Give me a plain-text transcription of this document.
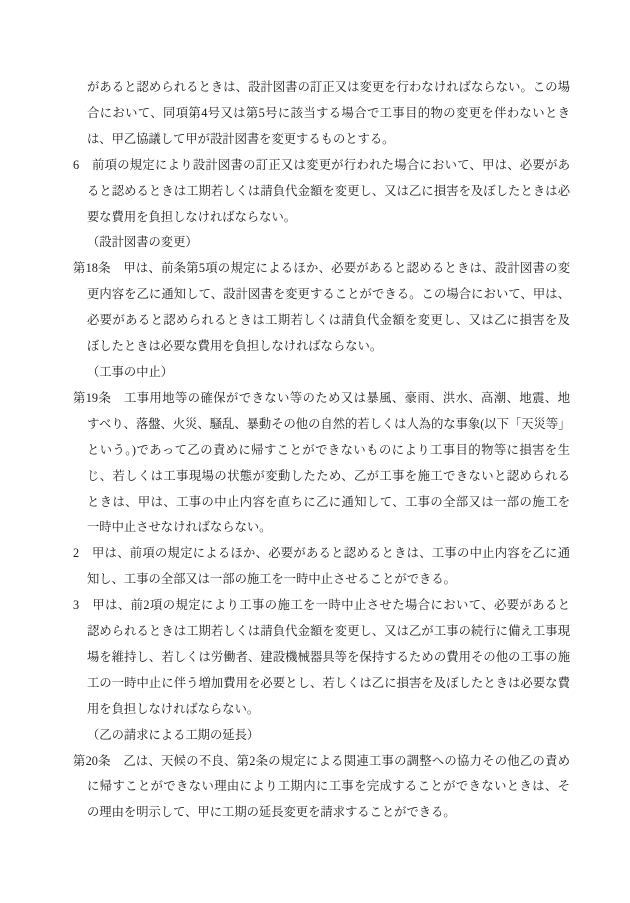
があると認められるときは、設計図書の訂正又は変更を行わなければならない。この場
合において、同項第4号又は第5号に該当する場合で工事目的物の変更を伴わないとき
は、甲乙協議して甲が設計図書を変更するものとする。
6　前項の規定により設計図書の訂正又は変更が行われた場合において、甲は、必要があ
ると認めるときは工期若しくは請負代金額を変更し、又は乙に損害を及ぼしたときは必
要な費用を負担しなければならない。
（設計図書の変更）
第18条　甲は、前条第5項の規定によるほか、必要があると認めるときは、設計図書の変
更内容を乙に通知して、設計図書を変更することができる。この場合において、甲は、
必要があると認められるときは工期若しくは請負代金額を変更し、又は乙に損害を及
ぼしたときは必要な費用を負担しなければならない。
（工事の中止）
第19条　工事用地等の確保ができない等のため又は暴風、豪雨、洪水、高潮、地震、地
すべり、落盤、火災、騒乱、暴動その他の自然的若しくは人為的な事象(以下「天災等」
という。)であって乙の責めに帰すことができないものにより工事目的物等に損害を生
じ、若しくは工事現場の状態が変動したため、乙が工事を施工できないと認められる
ときは、甲は、工事の中止内容を直ちに乙に通知して、工事の全部又は一部の施工を
一時中止させなければならない。
2　甲は、前項の規定によるほか、必要があると認めるときは、工事の中止内容を乙に通
知し、工事の全部又は一部の施工を一時中止させることができる。
3　甲は、前2項の規定により工事の施工を一時中止させた場合において、必要があると
認められるときは工期若しくは請負代金額を変更し、又は乙が工事の続行に備え工事現
場を維持し、若しくは労働者、建設機械器具等を保持するための費用その他の工事の施
工の一時中止に伴う増加費用を必要とし、若しくは乙に損害を及ぼしたときは必要な費
用を負担しなければならない。
（乙の請求による工期の延長）
第20条　乙は、天候の不良、第2条の規定による関連工事の調整への協力その他乙の責め
に帰すことができない理由により工期内に工事を完成することができないときは、そ
の理由を明示して、甲に工期の延長変更を請求することができる。
